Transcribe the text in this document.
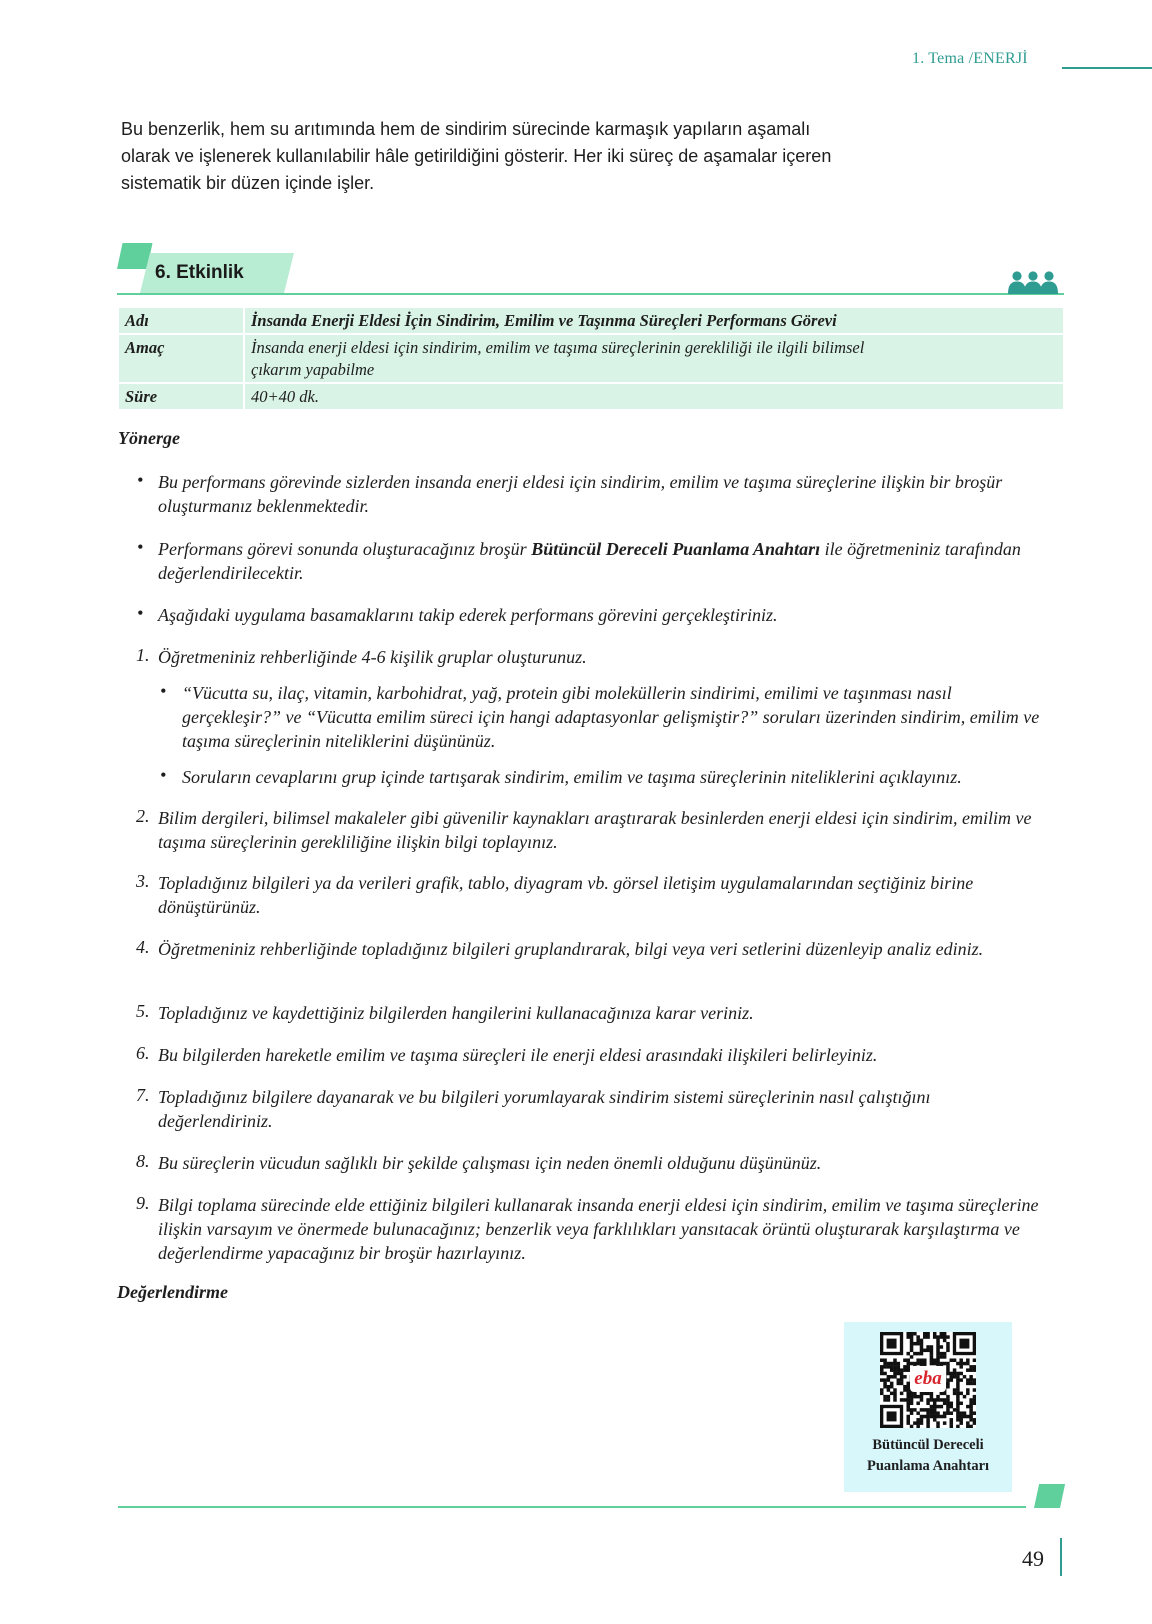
1. Tema /ENERJİ
Bu benzerlik, hem su arıtımında hem de sindirim sürecinde karmaşık yapıların aşamalı olarak ve işlenerek kullanılabilir hâle getirildiğini gösterir. Her iki süreç de aşamalar içeren sistematik bir düzen içinde işler.
6. Etkinlik
Adı	İnsanda Enerji Eldesi İçin Sindirim, Emilim ve Taşınma Süreçleri Performans Görevi
Amaç	İnsanda enerji eldesi için sindirim, emilim ve taşıma süreçlerinin gerekliliği ile ilgili bilimsel çıkarım yapabilme
Süre	40+40 dk.
Yönerge
• Bu performans görevinde sizlerden insanda enerji eldesi için sindirim, emilim ve taşıma süreçlerine ilişkin bir broşür oluşturmanız beklenmektedir.
• Performans görevi sonunda oluşturacağınız broşür Bütüncül Dereceli Puanlama Anahtarı ile öğretmeniniz tarafından değerlendirilecektir.
• Aşağıdaki uygulama basamaklarını takip ederek performans görevini gerçekleştiriniz.
1. Öğretmeniniz rehberliğinde 4-6 kişilik gruplar oluşturunuz.
• “Vücutta su, ilaç, vitamin, karbohidrat, yağ, protein gibi moleküllerin sindirimi, emilimi ve taşınması nasıl gerçekleşir?” ve “Vücutta emilim süreci için hangi adaptasyonlar gelişmiştir?” soruları üzerinden sindirim, emilim ve taşıma süreçlerinin niteliklerini düşününüz.
• Soruların cevaplarını grup içinde tartışarak sindirim, emilim ve taşıma süreçlerinin niteliklerini açıklayınız.
2. Bilim dergileri, bilimsel makaleler gibi güvenilir kaynakları araştırarak besinlerden enerji eldesi için sindirim, emilim ve taşıma süreçlerinin gerekliliğine ilişkin bilgi toplayınız.
3. Topladığınız bilgileri ya da verileri grafik, tablo, diyagram vb. görsel iletişim uygulamalarından seçtiğiniz birine dönüştürünüz.
4. Öğretmeniniz rehberliğinde topladığınız bilgileri gruplandırarak, bilgi veya veri setlerini düzenleyip analiz ediniz.
5. Topladığınız ve kaydettiğiniz bilgilerden hangilerini kullanacağınıza karar veriniz.
6. Bu bilgilerden hareketle emilim ve taşıma süreçleri ile enerji eldesi arasındaki ilişkileri belirleyiniz.
7. Topladığınız bilgilere dayanarak ve bu bilgileri yorumlayarak sindirim sistemi süreçlerinin nasıl çalıştığını değerlendiriniz.
8. Bu süreçlerin vücudun sağlıklı bir şekilde çalışması için neden önemli olduğunu düşününüz.
9. Bilgi toplama sürecinde elde ettiğiniz bilgileri kullanarak insanda enerji eldesi için sindirim, emilim ve taşıma süreçlerine ilişkin varsayım ve önermede bulunacağınız; benzerlik veya farklılıkları yansıtacak örüntü oluşturarak karşılaştırma ve değerlendirme yapacağınız bir broşür hazırlayınız.
Değerlendirme
eba
Bütüncül Dereceli
Puanlama Anahtarı
49
